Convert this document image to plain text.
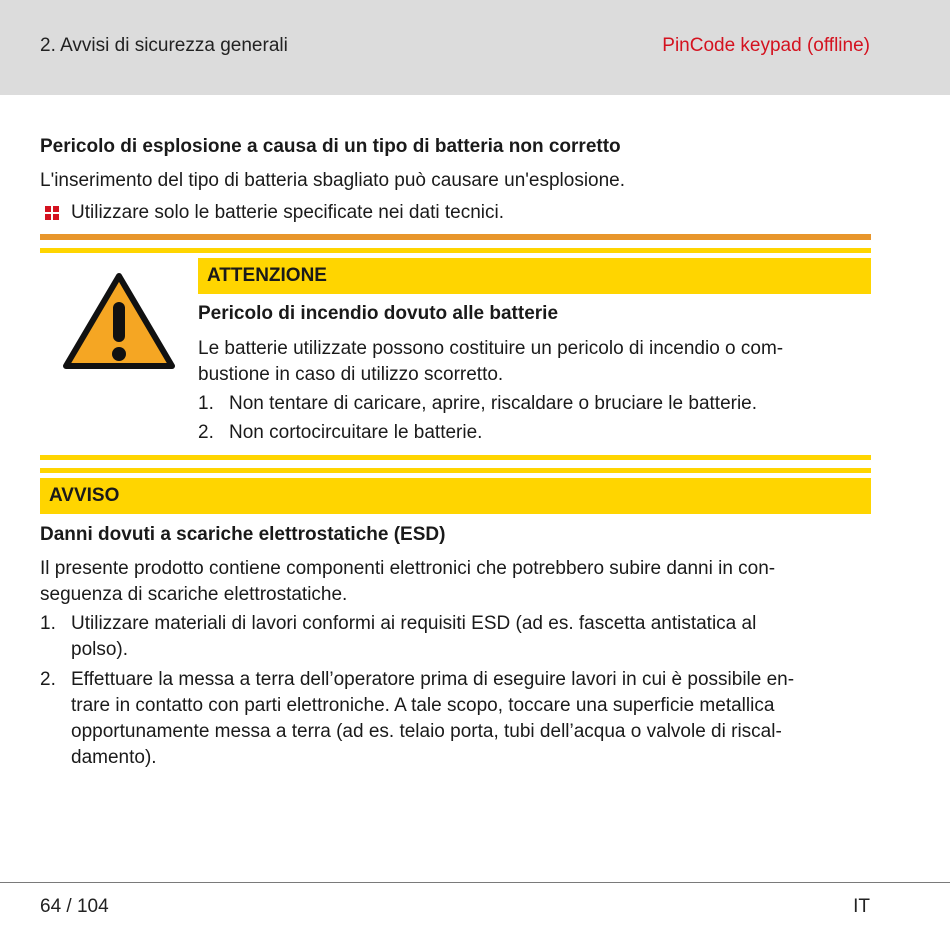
2. Avvisi di sicurezza generali	PinCode keypad (offline)
Pericolo di esplosione a causa di un tipo di batteria non corretto
L'inserimento del tipo di batteria sbagliato può causare un'esplosione.
Utilizzare solo le batterie specificate nei dati tecnici.
ATTENZIONE
Pericolo di incendio dovuto alle batterie
Le batterie utilizzate possono costituire un pericolo di incendio o com-
bustione in caso di utilizzo scorretto.
1. Non tentare di caricare, aprire, riscaldare o bruciare le batterie.
2. Non cortocircuitare le batterie.
AVVISO
Danni dovuti a scariche elettrostatiche (ESD)
Il presente prodotto contiene componenti elettronici che potrebbero subire danni in con-
seguenza di scariche elettrostatiche.
1. Utilizzare materiali di lavori conformi ai requisiti ESD (ad es. fascetta antistatica al
polso).
2. Effettuare la messa a terra dell’operatore prima di eseguire lavori in cui è possibile en-
trare in contatto con parti elettroniche. A tale scopo, toccare una superficie metallica
opportunamente messa a terra (ad es. telaio porta, tubi dell’acqua o valvole di riscal-
damento).
64 / 104	IT
